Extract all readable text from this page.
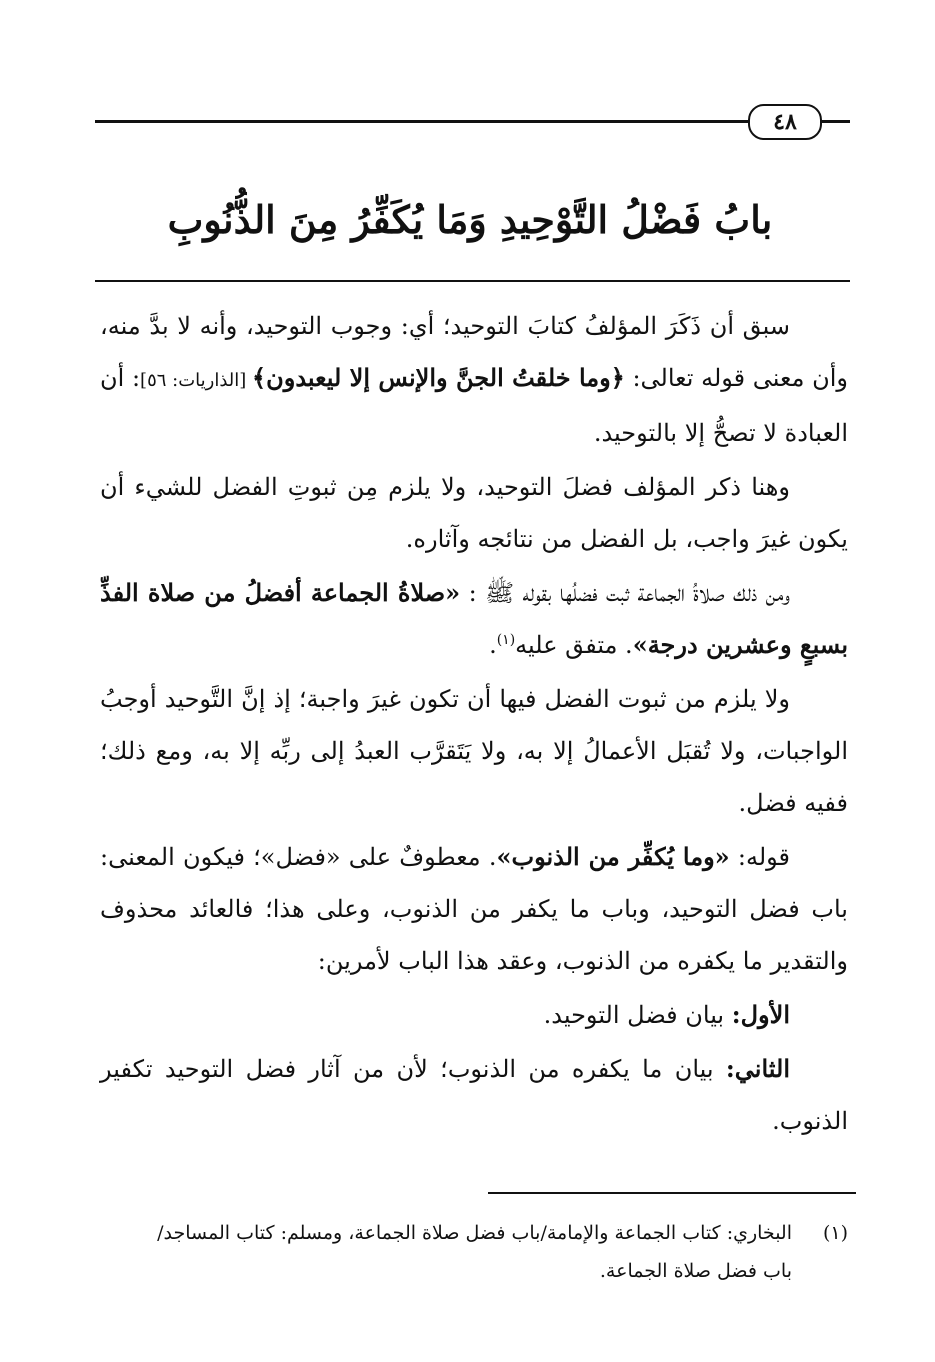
٤٨
بابُ فَضْلُ التَّوْحِيدِ وَمَا يُكَفِّرُ مِنَ الذُّنُوبِ

سبق أن ذَكَرَ المؤلفُ كتابَ التوحيد؛ أي: وجوب التوحيد، وأنه لا بدَّ منه، وأن معنى قوله تعالى: ﴿وما خلقتُ الجنَّ والإنس إلا ليعبدون﴾ [الذاريات: ٥٦]: أن العبادة لا تصحُّ إلا بالتوحيد.

وهنا ذكر المؤلف فضلَ التوحيد، ولا يلزم مِن ثبوتِ الفضل للشيء أن يكون غيرَ واجب، بل الفضل من نتائجه وآثاره.

ومن ذلك صلاةُ الجماعة ثبت فضلُها بقوله ﷺ : «صلاةُ الجماعة أفضلُ من صلاة الفذِّ بسبعٍ وعشرين درجة». متفق عليه$^{(١)}$.

ولا يلزم من ثبوت الفضل فيها أن تكون غيرَ واجبة؛ إذ إنَّ التَّوحيد أوجبُ الواجبات، ولا تُقبَل الأعمالُ إلا به، ولا يَتَقرَّب العبدُ إلى ربِّه إلا به، ومع ذلك؛ ففيه فضل.

قوله: «وما يُكفِّر من الذنوب». معطوفٌ على «فضل»؛ فيكون المعنى: باب فضل التوحيد، وباب ما يكفر من الذنوب، وعلى هذا؛ فالعائد محذوف والتقدير ما يكفره من الذنوب، وعقد هذا الباب لأمرين:

الأول: بيان فضل التوحيد.

الثاني: بيان ما يكفره من الذنوب؛ لأن من آثار فضل التوحيد تكفير الذنوب.

(١)البخاري: كتاب الجماعة والإمامة/باب فضل صلاة الجماعة، ومسلم: كتاب المساجد/
باب فضل صلاة الجماعة.
